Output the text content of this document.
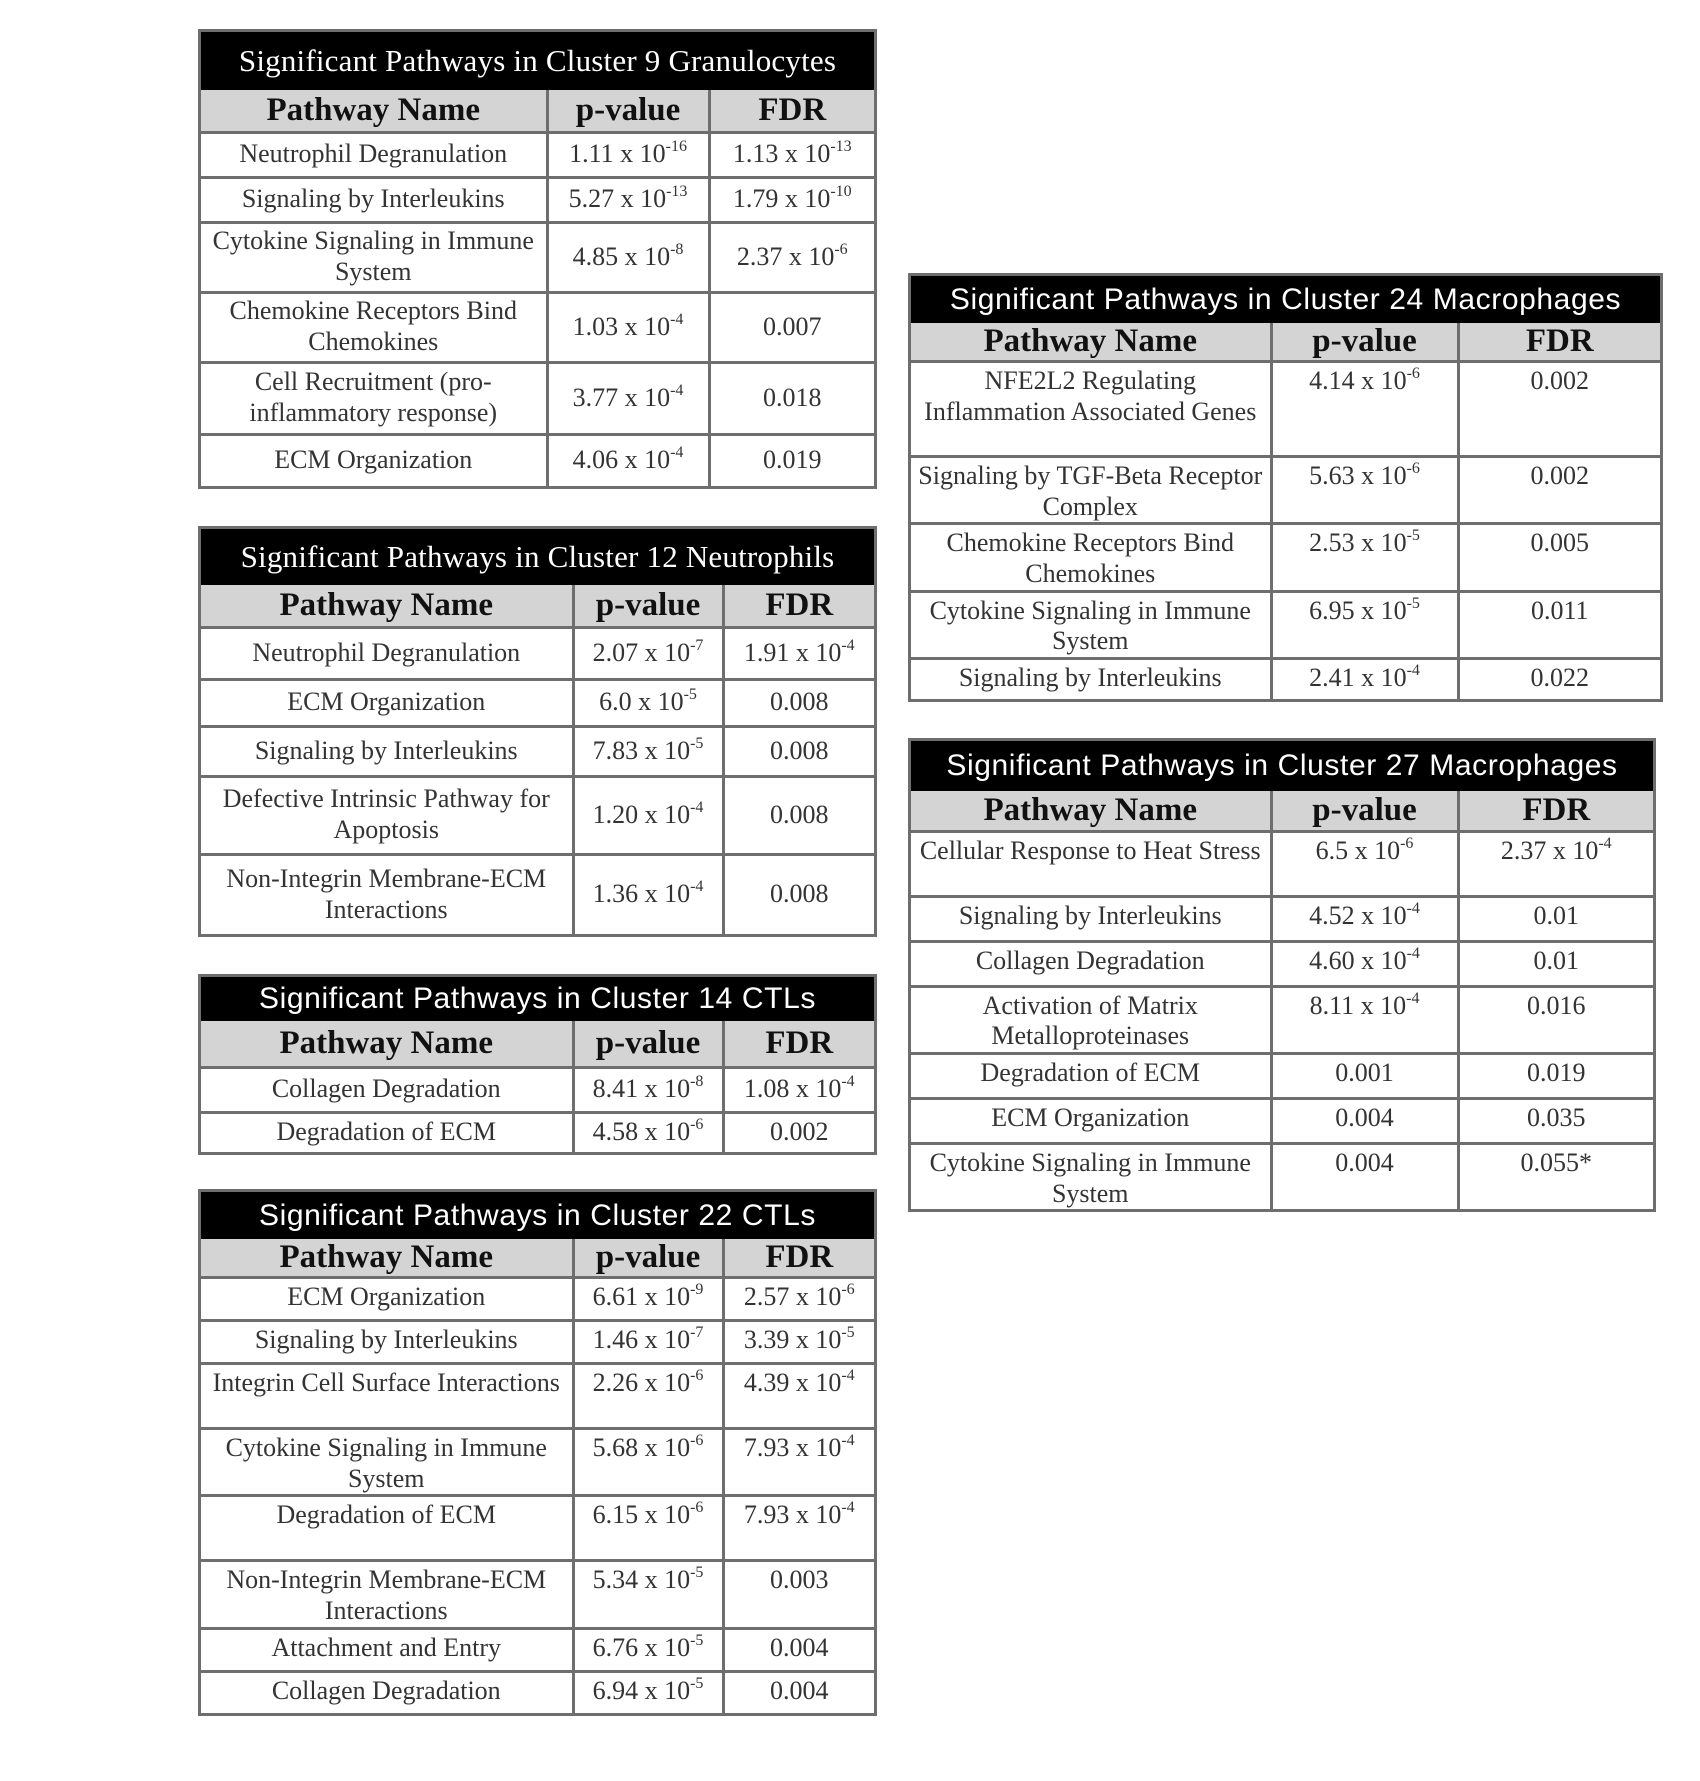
Significant Pathways in Cluster 9 Granulocytes
Pathway Name	p-value	FDR
Neutrophil Degranulation	1.11 x $10^{-16}$	1.13 x $10^{-13}$
Signaling by Interleukins	5.27 x $10^{-13}$	1.79 x $10^{-10}$
Cytokine Signaling in Immune System	4.85 x $10^{-8}$	2.37 x $10^{-6}$
Chemokine Receptors Bind Chemokines	1.03 x $10^{-4}$	0.007
Cell Recruitment (pro-inflammatory response)	3.77 x $10^{-4}$	0.018
ECM Organization	4.06 x $10^{-4}$	0.019
Significant Pathways in Cluster 12 Neutrophils
Pathway Name	p-value	FDR
Neutrophil Degranulation	2.07 x $10^{-7}$	1.91 x $10^{-4}$
ECM Organization	6.0 x $10^{-5}$	0.008
Signaling by Interleukins	7.83 x $10^{-5}$	0.008
Defective Intrinsic Pathway for Apoptosis	1.20 x $10^{-4}$	0.008
Non-Integrin Membrane-ECM Interactions	1.36 x $10^{-4}$	0.008
Significant Pathways in Cluster 14 CTLs
Pathway Name	p-value	FDR
Collagen Degradation	8.41 x $10^{-8}$	1.08 x $10^{-4}$
Degradation of ECM	4.58 x $10^{-6}$	0.002
Significant Pathways in Cluster 22 CTLs
Pathway Name	p-value	FDR
ECM Organization	6.61 x $10^{-9}$	2.57 x $10^{-6}$
Signaling by Interleukins	1.46 x $10^{-7}$	3.39 x $10^{-5}$
Integrin Cell Surface Interactions	2.26 x $10^{-6}$	4.39 x $10^{-4}$
Cytokine Signaling in Immune System	5.68 x $10^{-6}$	7.93 x $10^{-4}$
Degradation of ECM	6.15 x $10^{-6}$	7.93 x $10^{-4}$
Non-Integrin Membrane-ECM Interactions	5.34 x $10^{-5}$	0.003
Attachment and Entry	6.76 x $10^{-5}$	0.004
Collagen Degradation	6.94 x $10^{-5}$	0.004
Significant Pathways in Cluster 24 Macrophages
Pathway Name	p-value	FDR
NFE2L2 Regulating Inflammation Associated Genes	4.14 x $10^{-6}$	0.002
Signaling by TGF-Beta Receptor Complex	5.63 x $10^{-6}$	0.002
Chemokine Receptors Bind Chemokines	2.53 x $10^{-5}$	0.005
Cytokine Signaling in Immune System	6.95 x $10^{-5}$	0.011
Signaling by Interleukins	2.41 x $10^{-4}$	0.022
Significant Pathways in Cluster 27 Macrophages
Pathway Name	p-value	FDR
Cellular Response to Heat Stress	6.5 x $10^{-6}$	2.37 x $10^{-4}$
Signaling by Interleukins	4.52 x $10^{-4}$	0.01
Collagen Degradation	4.60 x $10^{-4}$	0.01
Activation of Matrix Metalloproteinases	8.11 x $10^{-4}$	0.016
Degradation of ECM	0.001	0.019
ECM Organization	0.004	0.035
Cytokine Signaling in Immune System	0.004	0.055*
